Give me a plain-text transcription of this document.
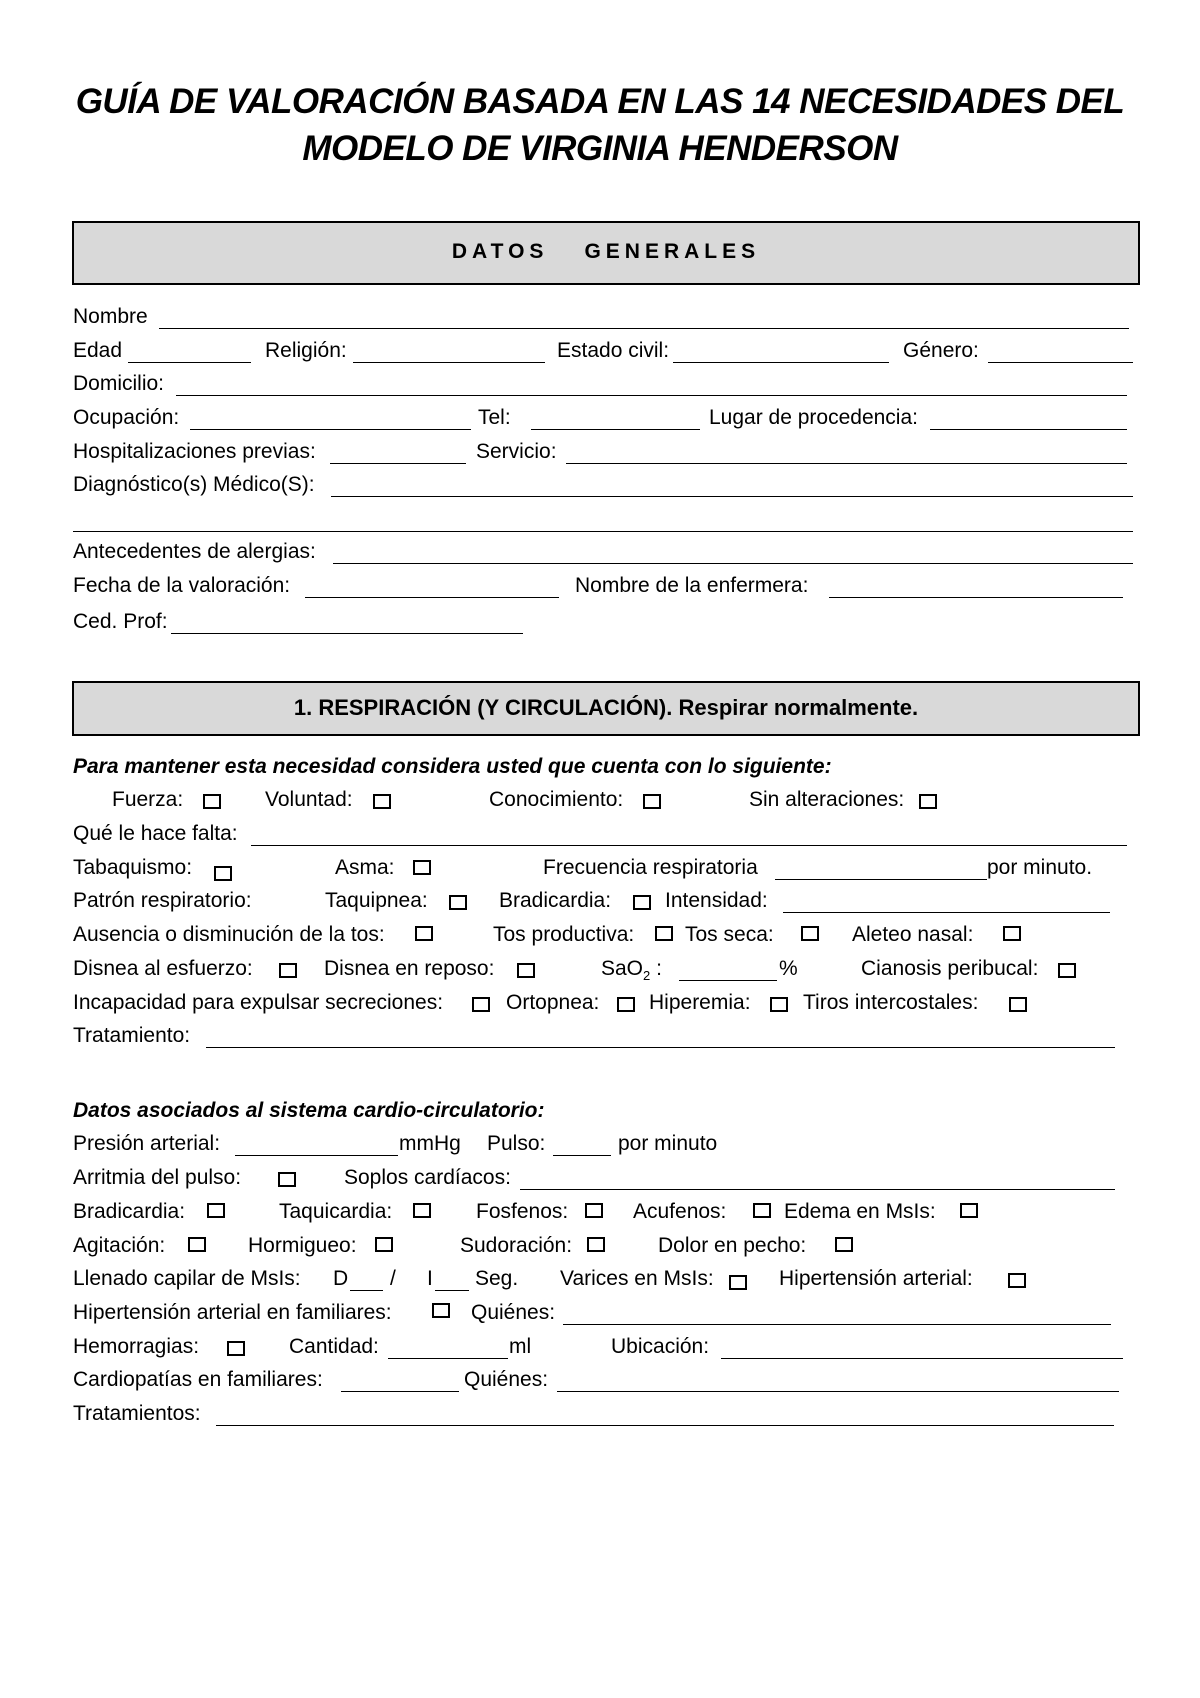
GUÍA DE VALORACIÓN BASADA EN LAS 14 NECESIDADES DEL
MODELO DE VIRGINIA HENDERSON
DATOS GENERALES
Nombre
Edad	Religión:	Estado civil:	Género:
Domicilio:
Ocupación:	Tel:	Lugar de procedencia:
Hospitalizaciones previas:	Servicio:
Diagnóstico(s) Médico(S):
Antecedentes de alergias:
Fecha de la valoración:	Nombre de la enfermera:
Ced. Prof:
1. RESPIRACIÓN (Y CIRCULACIÓN). Respirar normalmente.
Para mantener esta necesidad considera usted que cuenta con lo siguiente:
Fuerza:	Voluntad:	Conocimiento:	Sin alteraciones:
Qué le hace falta:
Tabaquismo:	Asma:	Frecuencia respiratoria	por minuto.
Patrón respiratorio:	Taquipnea:	Bradicardia:	Intensidad:
Ausencia o disminución de la tos:	Tos productiva: Tos seca:	Aleteo nasal:
Disnea al esfuerzo:	Disnea en reposo:	SaO$_2$ :	%	Cianosis peribucal:
Incapacidad para expulsar secreciones:	Ortopnea: Hiperemia: Tiros intercostales:
Tratamiento:
Datos asociados al sistema cardio-circulatorio:
Presión arterial:	mmHg Pulso:	por minuto
Arritmia del pulso:	Soplos cardíacos:
Bradicardia:	Taquicardia:	Fosfenos:	Acufenos:	Edema en MsIs:
Agitación:	Hormigueo:	Sudoración:	Dolor en pecho:
Llenado capilar de MsIs: D / I Seg. Varices en MsIs:	Hipertensión arterial:
Hipertensión arterial en familiares:	Quiénes:
Hemorragias:	Cantidad:	ml	Ubicación:
Cardiopatías en familiares:	Quiénes:
Tratamientos:
